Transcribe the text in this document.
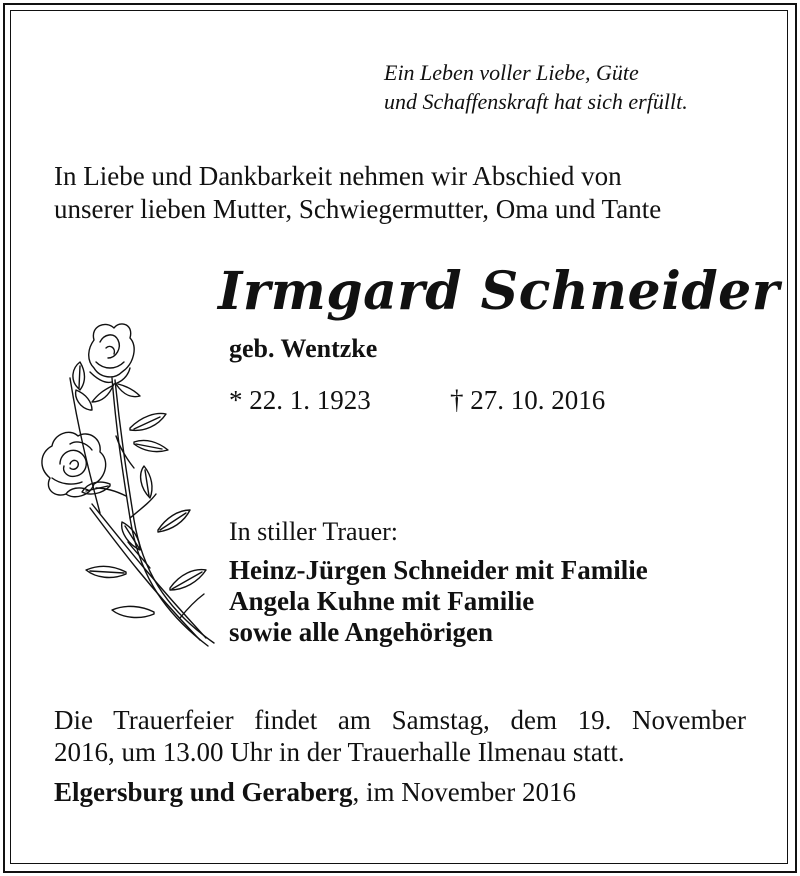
Ein Leben voller Liebe, Güte
und Schaffenskraft hat sich erfüllt.
In Liebe und Dankbarkeit nehmen wir Abschied von
unserer lieben Mutter, Schwiegermutter, Oma und Tante
Irmgard Schneider
geb. Wentzke
* 22. 1. 1923	† 27. 10. 2016
In stiller Trauer:
Heinz-Jürgen Schneider mit Familie
Angela Kuhne mit Familie
sowie alle Angehörigen
Die Trauerfeier findet am Samstag, dem 19. November
2016, um 13.00 Uhr in der Trauerhalle Ilmenau statt.
Elgersburg und Geraberg, im November 2016
